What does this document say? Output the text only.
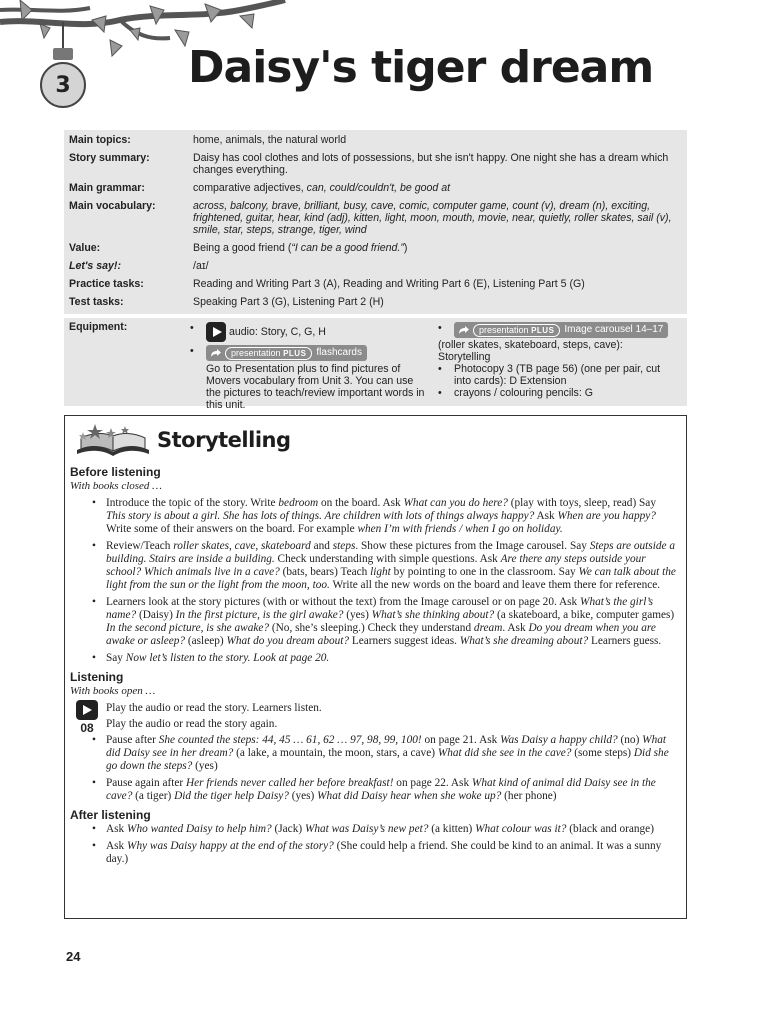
3	Daisy's tiger dream
Main topics:	home, animals, the natural world
Story summary:	Daisy has cool clothes and lots of possessions, but she isn't happy. One night she has a dream which changes everything.
Main grammar:	comparative adjectives, can, could/couldn't, be good at
Main vocabulary:	across, balcony, brave, brilliant, busy, cave, comic, computer game, count (v), dream (n), exciting, frightened, guitar, hear, kind (adj), kitten, light, moon, mouth, movie, near, quietly, roller skates, sail (v), smile, star, steps, strange, tiger, wind
Value:	Being a good friend (“I can be a good friend.”)
Let's say!:	/aɪ/
Practice tasks:	Reading and Writing Part 3 (A), Reading and Writing Part 6 (E), Listening Part 5 (G)
Test tasks:	Speaking Part 3 (G), Listening Part 2 (H)
Equipment:
•	audio: Story, C, G, H
• presentation PLUS	flashcards
Go to Presentation plus to find pictures of Movers vocabulary from Unit 3. You can use the pictures to teach/review important words in this unit.
• presentation PLUS	Image carousel 14–17
(roller skates, skateboard, steps, cave): Storytelling
• Photocopy 3 (TB page 56) (one per pair, cut into cards): D Extension
• crayons / colouring pencils: G
Storytelling

Before listening

With books closed …

• Introduce the topic of the story. Write bedroom on the board. Ask What can you do here? (play with toys, sleep, read) Say This story is about a girl. She has lots of things. Are children with lots of things always happy? Ask When are you happy? Write some of their answers on the board. For example when I’m with friends / when I go on holiday.
• Review/Teach roller skates, cave, skateboard and steps. Show these pictures from the Image carousel. Say Steps are outside a building. Stairs are inside a building. Check understanding with simple questions. Ask Are there any steps outside your school? Which animals live in a cave? (bats, bears) Teach light by pointing to one in the classroom. Say We can talk about the light from the sun or the light from the moon, too. Write all the new words on the board and leave them there for reference.
• Learners look at the story pictures (with or without the text) from the Image carousel or on page 20. Ask What’s the girl’s name? (Daisy) In the first picture, is the girl awake? (yes) What’s she thinking about? (a skateboard, a bike, computer games) In the second picture, is she awake? (No, she’s sleeping.) Check they understand dream. Ask Do you dream when you are awake or asleep? (asleep) What do you dream about? Learners suggest ideas. What’s she dreaming about? Learners guess.
• Say Now let’s listen to the story. Look at page 20.

Listening

With books open …

08
Play the audio or read the story. Learners listen.
Play the audio or read the story again.
• Pause after She counted the steps: 44, 45 … 61, 62 … 97, 98, 99, 100! on page 21. Ask Was Daisy a happy child? (no) What did Daisy see in her dream? (a lake, a mountain, the moon, stars, a cave) What did she see in the cave? (some steps) Did she go down the steps? (yes)
• Pause again after Her friends never called her before breakfast! on page 22. Ask What kind of animal did Daisy see in the cave? (a tiger) Did the tiger help Daisy? (yes) What did Daisy hear when she woke up? (her phone)

After listening

• Ask Who wanted Daisy to help him? (Jack) What was Daisy’s new pet? (a kitten) What colour was it? (black and orange)
• Ask Why was Daisy happy at the end of the story? (She could help a friend. She could be kind to an animal. It was a sunny day.)
24
